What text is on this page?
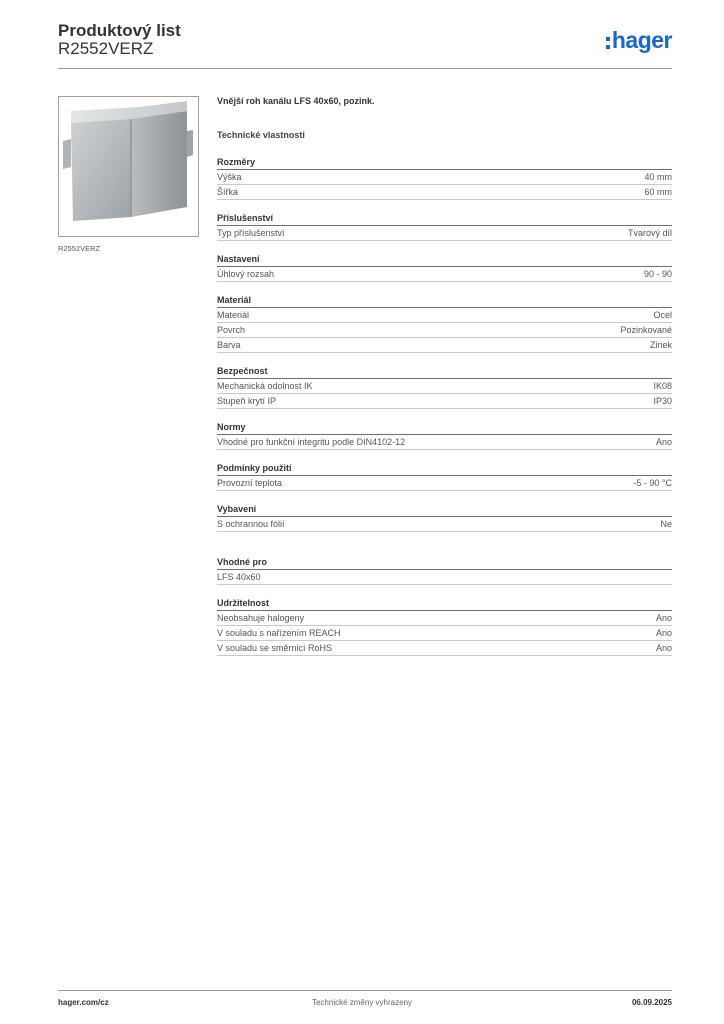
Produktový list
R2552VERZ	hager
R2552VERZ
Vnější roh kanálu LFS 40x60, pozink.
Technické vlastnosti
Rozměry
Výška	40 mm
Šířka	60 mm
Příslušenství
Typ příslušenství	Tvarový díl
Nastavení
Úhlový rozsah	90 - 90
Materiál
Materiál	Ocel
Povrch	Pozinkované
Barva	Zinek
Bezpečnost
Mechanická odolnost IK	IK08
Stupeň krytí IP	IP30
Normy
Vhodné pro funkční integritu podle DIN4102-12	Ano
Podmínky použití
Provozní teplota	-5 - 90 °C
Vybavení
S ochrannou fólií	Ne
Vhodné pro
LFS 40x60
Udržitelnost
Neobsahuje halogeny	Ano
V souladu s nařízením REACH	Ano
V souladu se směrnicí RoHS	Ano
hager.com/cz	Technické změny vyhrazeny	06.09.2025
